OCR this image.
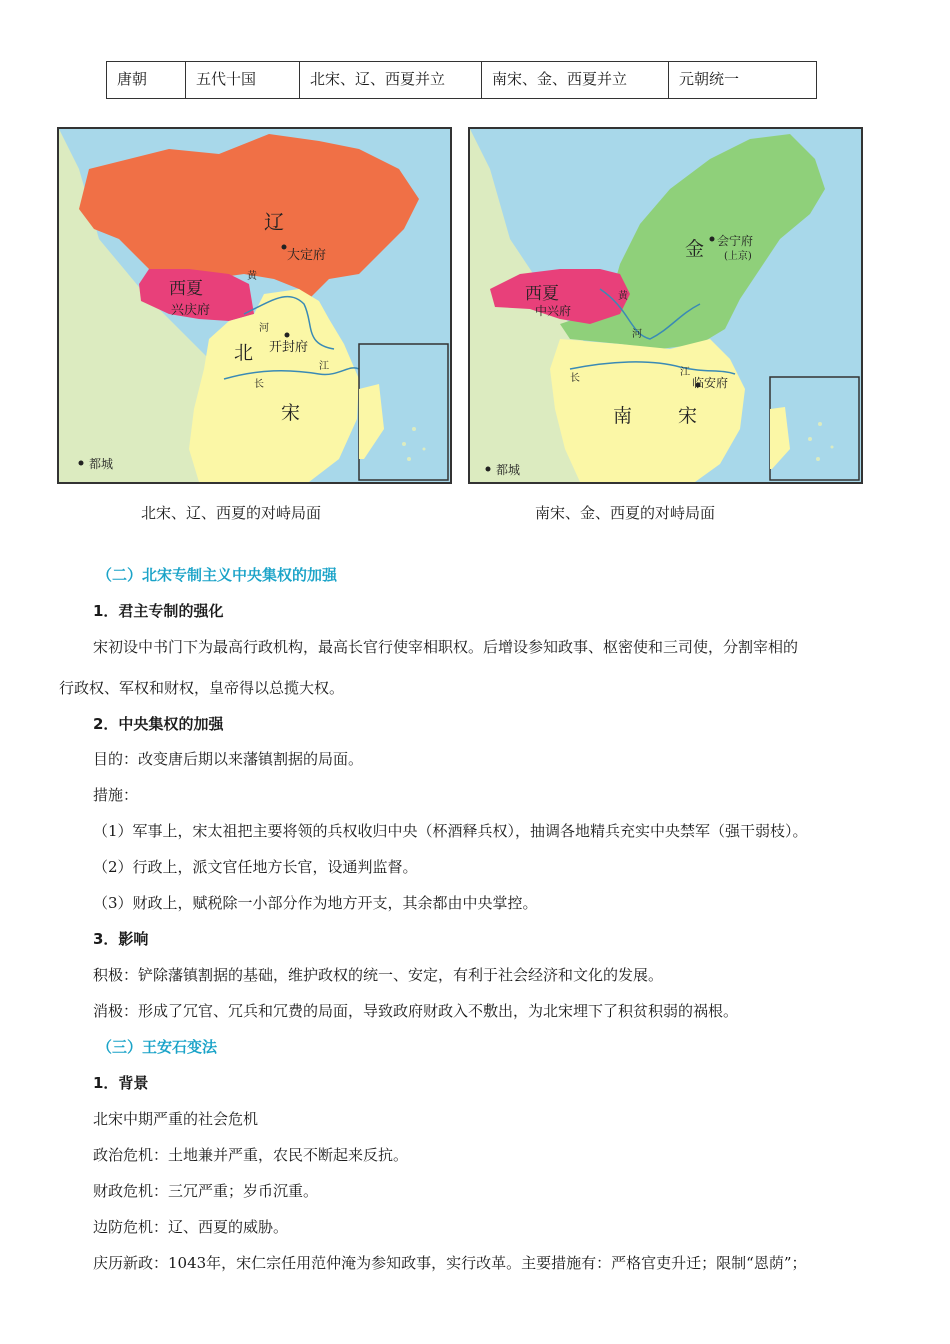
唐朝	五代十国	北宋、辽、西夏并立	南宋、金、西夏并立	元朝统一
辽
大定府
西夏
兴庆府
黄
河
北 开封府
长
江
宋
都城
金 会宁府
(上京)
西夏
中兴府
黄
河
长
江
临安府
南 宋
都城
北宋、辽、西夏的对峙局面	南宋、金、西夏的对峙局面
（二）北宋专制主义中央集权的加强
1．君主专制的强化
宋初设中书门下为最高行政机构，最高长官行使宰相职权。后增设参知政事、枢密使和三司使，分割宰相的
行政权、军权和财权，皇帝得以总揽大权。
2．中央集权的加强
目的：改变唐后期以来藩镇割据的局面。
措施：
（1）军事上，宋太祖把主要将领的兵权收归中央（杯酒释兵权），抽调各地精兵充实中央禁军（强干弱枝）。
（2）行政上，派文官任地方长官，设通判监督。
（3）财政上，赋税除一小部分作为地方开支，其余都由中央掌控。
3．影响
积极：铲除藩镇割据的基础，维护政权的统一、安定，有利于社会经济和文化的发展。
消极：形成了冗官、冗兵和冗费的局面，导致政府财政入不敷出，为北宋埋下了积贫积弱的祸根。
（三）王安石变法
1．背景
北宋中期严重的社会危机
政治危机：土地兼并严重，农民不断起来反抗。
财政危机：三冗严重；岁币沉重。
边防危机：辽、西夏的威胁。
庆历新政：1043年，宋仁宗任用范仲淹为参知政事，实行改革。主要措施有：严格官吏升迁；限制“恩荫”；
